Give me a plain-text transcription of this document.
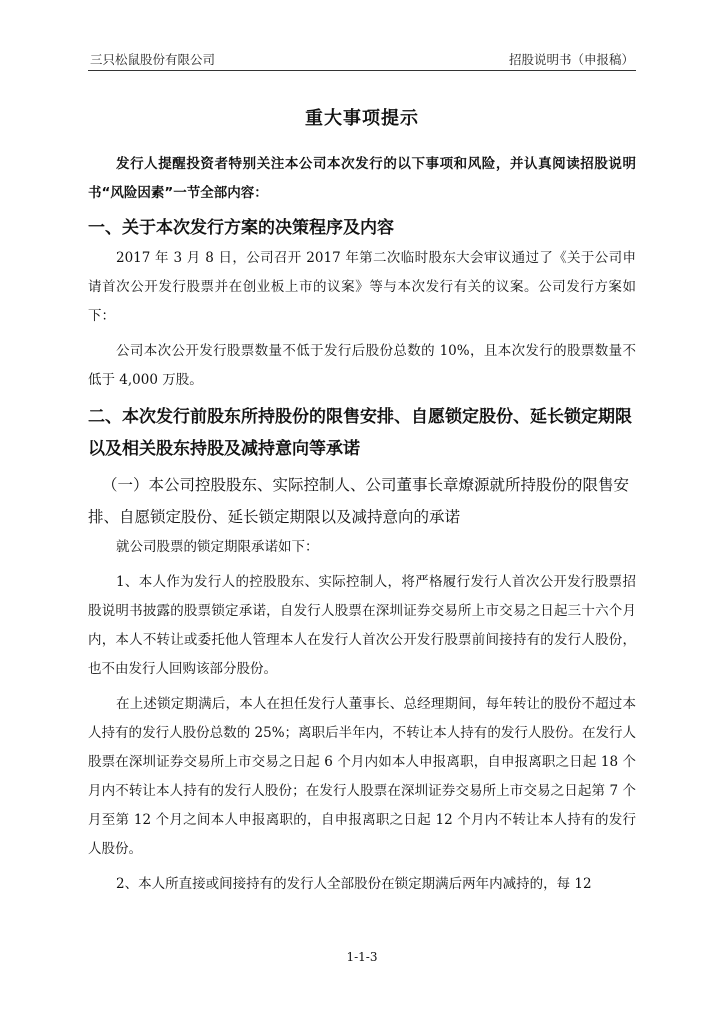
三只松鼠股份有限公司	招股说明书（申报稿）
重大事项提示

发行人提醒投资者特别关注本公司本次发行的以下事项和风险，并认真阅读招股说明书“风险因素”一节全部内容：

一、关于本次发行方案的决策程序及内容

2017 年 3 月 8 日，公司召开 2017 年第二次临时股东大会审议通过了《关于公司申请首次公开发行股票并在创业板上市的议案》等与本次发行有关的议案。公司发行方案如下：

公司本次公开发行股票数量不低于发行后股份总数的 10%，且本次发行的股票数量不低于 4,000 万股。

二、本次发行前股东所持股份的限售安排、自愿锁定股份、延长锁定期限以及相关股东持股及减持意向等承诺
（一）本公司控股股东、实际控制人、公司董事长章燎源就所持股份的限售安排、自愿锁定股份、延长锁定期限以及减持意向的承诺

就公司股票的锁定期限承诺如下：

1、本人作为发行人的控股股东、实际控制人，将严格履行发行人首次公开发行股票招股说明书披露的股票锁定承诺，自发行人股票在深圳证券交易所上市交易之日起三十六个月内，本人不转让或委托他人管理本人在发行人首次公开发行股票前间接持有的发行人股份，也不由发行人回购该部分股份。

在上述锁定期满后，本人在担任发行人董事长、总经理期间，每年转让的股份不超过本人持有的发行人股份总数的 25%；离职后半年内，不转让本人持有的发行人股份。在发行人股票在深圳证券交易所上市交易之日起 6 个月内如本人申报离职，自申报离职之日起 18 个月内不转让本人持有的发行人股份；在发行人股票在深圳证券交易所上市交易之日起第 7 个月至第 12 个月之间本人申报离职的，自申报离职之日起 12 个月内不转让本人持有的发行人股份。

2、本人所直接或间接持有的发行人全部股份在锁定期满后两年内减持的，每 12

1-1-3
